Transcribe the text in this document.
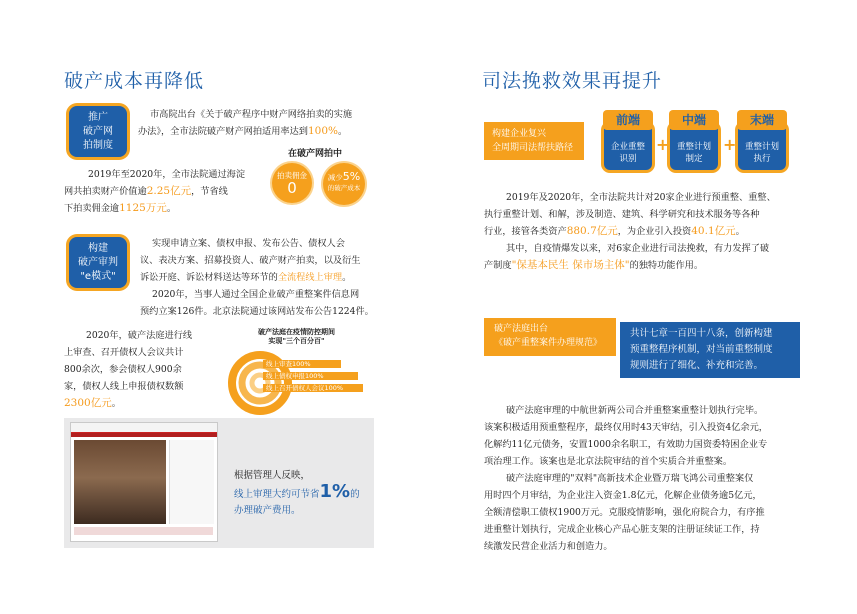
破产成本再降低
推广
破产网
拍制度
市高院出台《关于破产程序中财产网络拍卖的实施
办法》，全市法院破产财产网拍适用率达到100%。
在破产网拍中
拍卖佣金
0
减少5%
的破产成本
2019年至2020年，全市法院通过海淀
网共拍卖财产价值逾2.25亿元，节省线
下拍卖佣金逾1125万元。
构建
破产审判
"e模式"
实现申请立案、债权申报、发布公告、债权人会
议、表决方案、招募投资人、破产财产拍卖，以及衍生
诉讼开庭、诉讼材料送达等环节的全流程线上审理。
2020年，当事人通过全国企业破产重整案件信息网
预约立案126件。北京法院通过该网站发布公告1224件。
2020年，破产法庭进行线
上审查、召开债权人会议共计
800余次，参会债权人900余
家，债权人线上申报债权数额
2300亿元。
破产法庭在疫情防控期间
实现"三个百分百"
线上审查100%
线上债权申报100%
线上召开债权人会议100%
根据管理人反映，
线上审理大约可节省1%的
办理破产费用。
司法挽救效果再提升
构建企业复兴
全周期司法帮扶路径
前端
企业重整
识别
+
中端
重整计划
制定
+
末端
重整计划
执行
2019年及2020年，全市法院共计对20家企业进行预重整、重整、
执行重整计划、和解，涉及制造、建筑、科学研究和技术服务等各种
行业，接管各类资产880.7亿元，为企业引入投资40.1亿元。
其中，自疫情爆发以来，对6家企业进行司法挽救，有力发挥了破
产制度"保基本民生 保市场主体"的独特功能作用。
破产法庭出台
《破产重整案件办理规范》
共计七章一百四十八条，创新构建
预重整程序机制，对当前重整制度
规则进行了细化、补充和完善。
破产法庭审理的中航世新两公司合并重整案重整计划执行完毕。
该案积极适用预重整程序，最终仅用时43天审结，引入投资4亿余元，
化解约11亿元债务，安置1000余名职工，有效助力国资委特困企业专
项治理工作。该案也是北京法院审结的首个实质合并重整案。
破产法庭审理的"双料"高新技术企业暨万瑞飞鸿公司重整案仅
用时四个月审结，为企业注入资金1.8亿元，化解企业债务逾5亿元，
全额清偿职工债权1900万元。克服疫情影响，强化府院合力，有序推
进重整计划执行，完成企业核心产品心脏支架的注册证续证工作，持
续激发民营企业活力和创造力。
